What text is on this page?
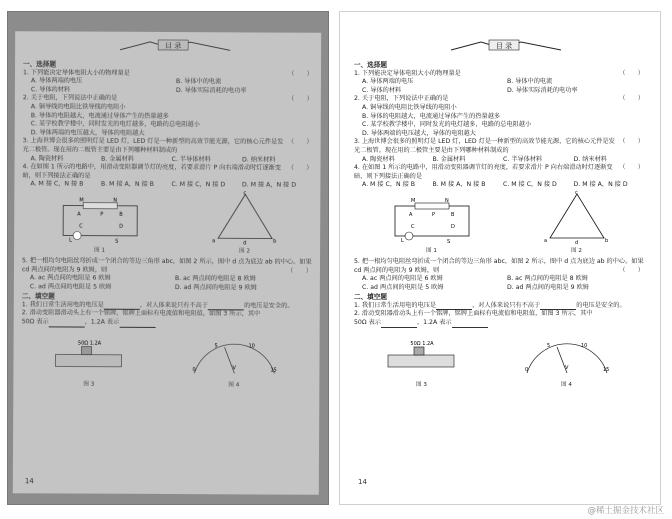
目 录
一、选择题
（　　）
1. 下列能决定导体电阻大小的物理量是
A. 导体两端的电压	B. 导体中的电流
C. 导体的材料	D. 导体实际消耗的电功率
（　　）
2. 关于电阻，下列说法中正确的是
A. 铜导线的电阻比铁导线的电阻小
B. 导体的电阻越大，电流通过导体产生的热量越多
C. 某学校教学楼中，同时发光的电灯越多，电路的总电阻越小
D. 导体两端的电压越大，导体的电阻越大
（　　）
3. 上海世博会很多的照明灯是 LED 灯，LED 灯是一种新型的高效节能光源，它的核心元件是发光二极管。现在用的二极管主要是由下列哪种材料制成的
A. 陶瓷材料	B. 金属材料	C. 半导体材料	D. 纳米材料
（　　）
4. 在如图 1 所示的电路中，用滑动变阻器调节灯的亮度，若要求滑片 P 向右端滑动时灯逐渐变暗，则下列接法正确的是
A. M 接 C，N 接 B	B. M 接 A，N 接 B	C. M 接 C，N 接 D	D. M 接 A，N 接 D
M	N
A	B
C	D
P
L	S
图 1
c
a	b
d
图 2
5. 把一根均匀电阻丝弯折成一个闭合的等边三角形 abc，如图 2 所示，图中 d 点为底边 ab 的中心。如果 cd 两点间的电阻为 9 欧姆，则	（　　）
A. ac 两点间的电阻是 6 欧姆	B. ac 两点间的电阻是 8 欧姆
C. ad 两点间的电阻是 5 欧姆	D. ad 两点间的电阻是 9 欧姆
二、填空题
1. 我们日常生活用电的电压是	，对人体来说只有不高于	的电压是安全的。
2. 滑动变阻器滑动头上有一个铭牌，铭牌上面标有电流值和电阻值，如图 3 所示，其中
50Ω 表示	，1.2A 表示
50Ω 1.2A
图 3
0
5	10
15
V
图 4
14
目 录
一、选择题
（　　）
1. 下列能决定导体电阻大小的物理量是
A. 导体两端的电压	B. 导体中的电流
C. 导体的材料	D. 导体实际消耗的电功率
（　　）
2. 关于电阻，下列说法中正确的是
A. 铜导线的电阻比铁导线的电阻小
B. 导体的电阻越大，电流通过导体产生的热量越多
C. 某学校教学楼中，同时发光的电灯越多，电路的总电阻越小
D. 导体两端的电压越大，导体的电阻越大
（　　）
3. 上海世博会很多的照明灯是 LED 灯，LED 灯是一种新型的高效节能光源，它的核心元件是发光二极管。现在用的二极管主要是由下列哪种材料制成的
A. 陶瓷材料	B. 金属材料	C. 半导体材料	D. 纳米材料
（　　）
4. 在如图 1 所示的电路中，用滑动变阻器调节灯的亮度，若要求滑片 P 向右端滑动时灯逐渐变暗，则下列接法正确的是
A. M 接 C，N 接 B	B. M 接 A，N 接 B	C. M 接 C，N 接 D	D. M 接 A，N 接 D
M	N
A	B
C	D
P
L	S
图 1
c
a	b
d
图 2
5. 把一根均匀电阻丝弯折成一个闭合的等边三角形 abc，如图 2 所示，图中 d 点为底边 ab 的中心。如果 cd 两点间的电阻为 9 欧姆，则	（　　）
A. ac 两点间的电阻是 6 欧姆	B. ac 两点间的电阻是 8 欧姆
C. ad 两点间的电阻是 5 欧姆	D. ad 两点间的电阻是 9 欧姆
二、填空题
1. 我们日常生活用电的电压是	，对人体来说只有不高于	的电压是安全的。
2. 滑动变阻器滑动头上有一个铭牌，铭牌上面标有电流值和电阻值，如图 3 所示，其中
50Ω 表示	，1.2A 表示
50Ω 1.2A
图 3
0
5	10
15
V
图 4
14
@稀土掘金技术社区
